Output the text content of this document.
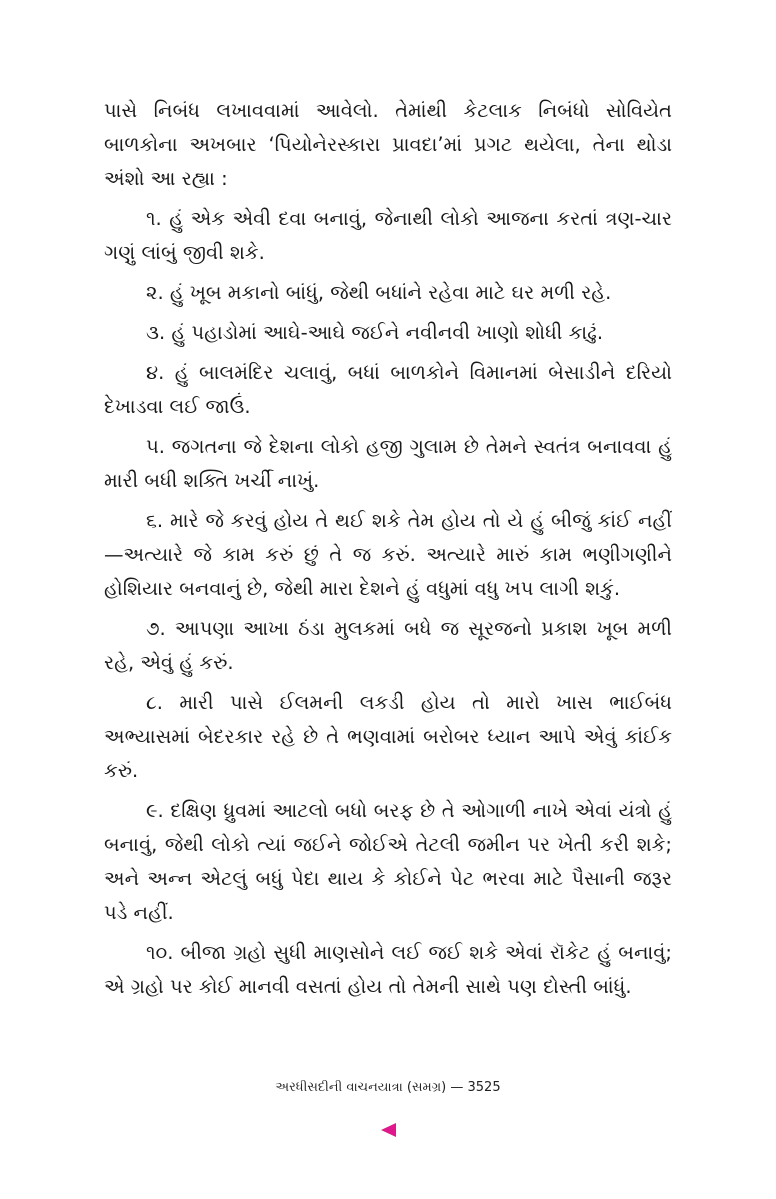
પાસે નિબંધ લખાવવામાં આવેલો. તેમાંથી કેટલાક નિબંધો સોવિયેત બાળકોના અખબાર ‘પિયોનેરસ્કારા પ્રાવદા’માં પ્રગટ થયેલા, તેના થોડા અંશો આ રહ્યા :

૧. હું એક એવી દવા બનાવું, જેનાથી લોકો આજના કરતાં ત્રણ-ચાર ગણું લાંબું જીવી શકે.

૨. હું ખૂબ મકાનો બાંધું, જેથી બધાંને રહેવા માટે ઘર મળી રહે.

૩. હું પહાડોમાં આઘે-આઘે જઈને નવીનવી ખાણો શોધી કાઢું.

૪. હું બાલમંદિર ચલાવું, બધાં બાળકોને વિમાનમાં બેસાડીને દરિયો દેખાડવા લઈ જાઉં.

૫. જગતના જે દેશના લોકો હજી ગુલામ છે તેમને સ્વતંત્ર બનાવવા હું મારી બધી શક્તિ ખર્ચી નાખું.

૬. મારે જે કરવું હોય તે થઈ શકે તેમ હોય તો યે હું બીજું કાંઈ નહીં—અત્યારે જે કામ કરું છું તે જ કરું. અત્યારે મારું કામ ભણીગણીને હોશિયાર બનવાનું છે, જેથી મારા દેશને હું વધુમાં વધુ ખપ લાગી શકું.

૭. આપણા આખા ઠંડા મુલકમાં બધે જ સૂરજનો પ્રકાશ ખૂબ મળી રહે, એવું હું કરું.

૮. મારી પાસે ઈલમની લકડી હોય તો મારો ખાસ ભાઈબંધ અભ્યાસમાં બેદરકાર રહે છે તે ભણવામાં બરોબર ધ્યાન આપે એવું કાંઈક કરું.

૯. દક્ષિણ ધ્રુવમાં આટલો બધો બરફ છે તે ઓગાળી નાખે એવાં યંત્રો હું બનાવું, જેથી લોકો ત્યાં જઈને જોઈએ તેટલી જમીન પર ખેતી કરી શકે; અને અન્ન એટલું બધું પેદા થાય કે કોઈને પેટ ભરવા માટે પૈસાની જરૂર પડે નહીં.

૧૦. બીજા ગ્રહો સુધી માણસોને લઈ જઈ શકે એવાં રૉકેટ હું બનાવું; એ ગ્રહો પર કોઈ માનવી વસતાં હોય તો તેમની સાથે પણ દોસ્તી બાંધું.

અરધીસદીની વાચનયાત્રા (સમગ્ર) — 3525
